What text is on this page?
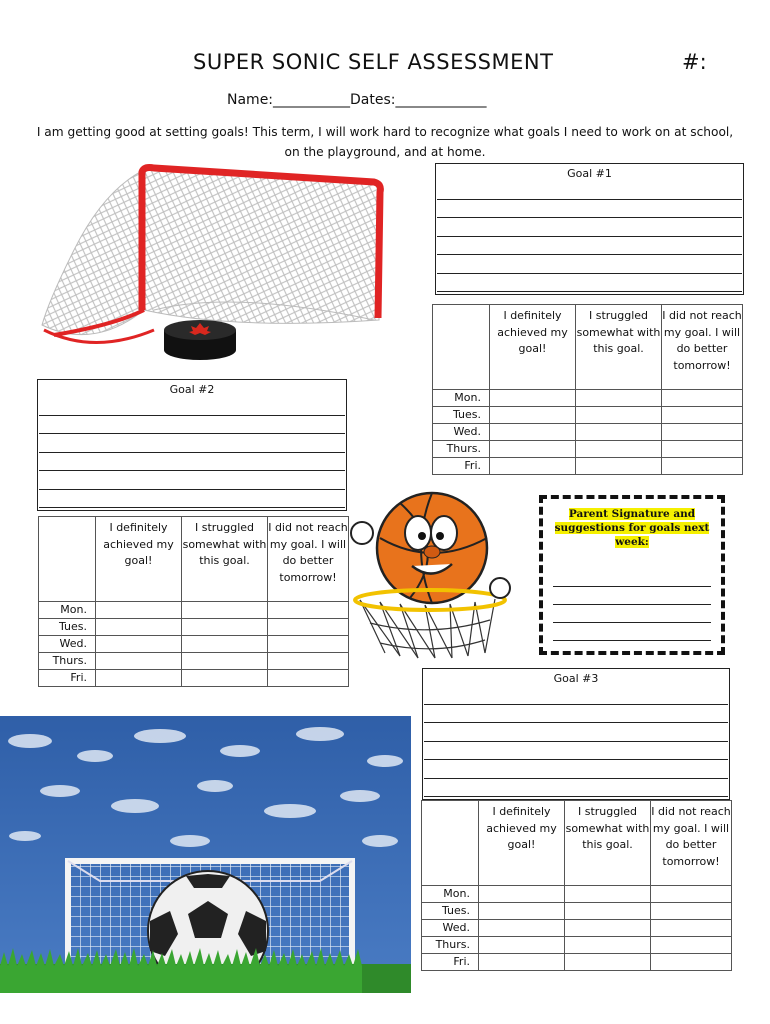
SUPER SONIC SELF ASSESSMENT	#:
Name:___________Dates:_____________
I am getting good at setting goals! This term, I will work hard to recognize what goals I need to work on at school, on the playground, and at home.
Goal #1
	I definitely achieved my goal!	I struggled somewhat with this goal.	I did not reach my goal. I will do better tomorrow!
Mon.			
Tues.			
Wed.			
Thurs.			
Fri.			
Goal #2
	I definitely achieved my goal!	I struggled somewhat with this goal.	I did not reach my goal. I will do better tomorrow!
Mon.			
Tues.			
Wed.			
Thurs.			
Fri.			
Parent Signature and suggestions for goals next week:
Goal #3
	I definitely achieved my goal!	I struggled somewhat with this goal.	I did not reach my goal. I will do better tomorrow!
Mon.			
Tues.			
Wed.			
Thurs.			
Fri.			
